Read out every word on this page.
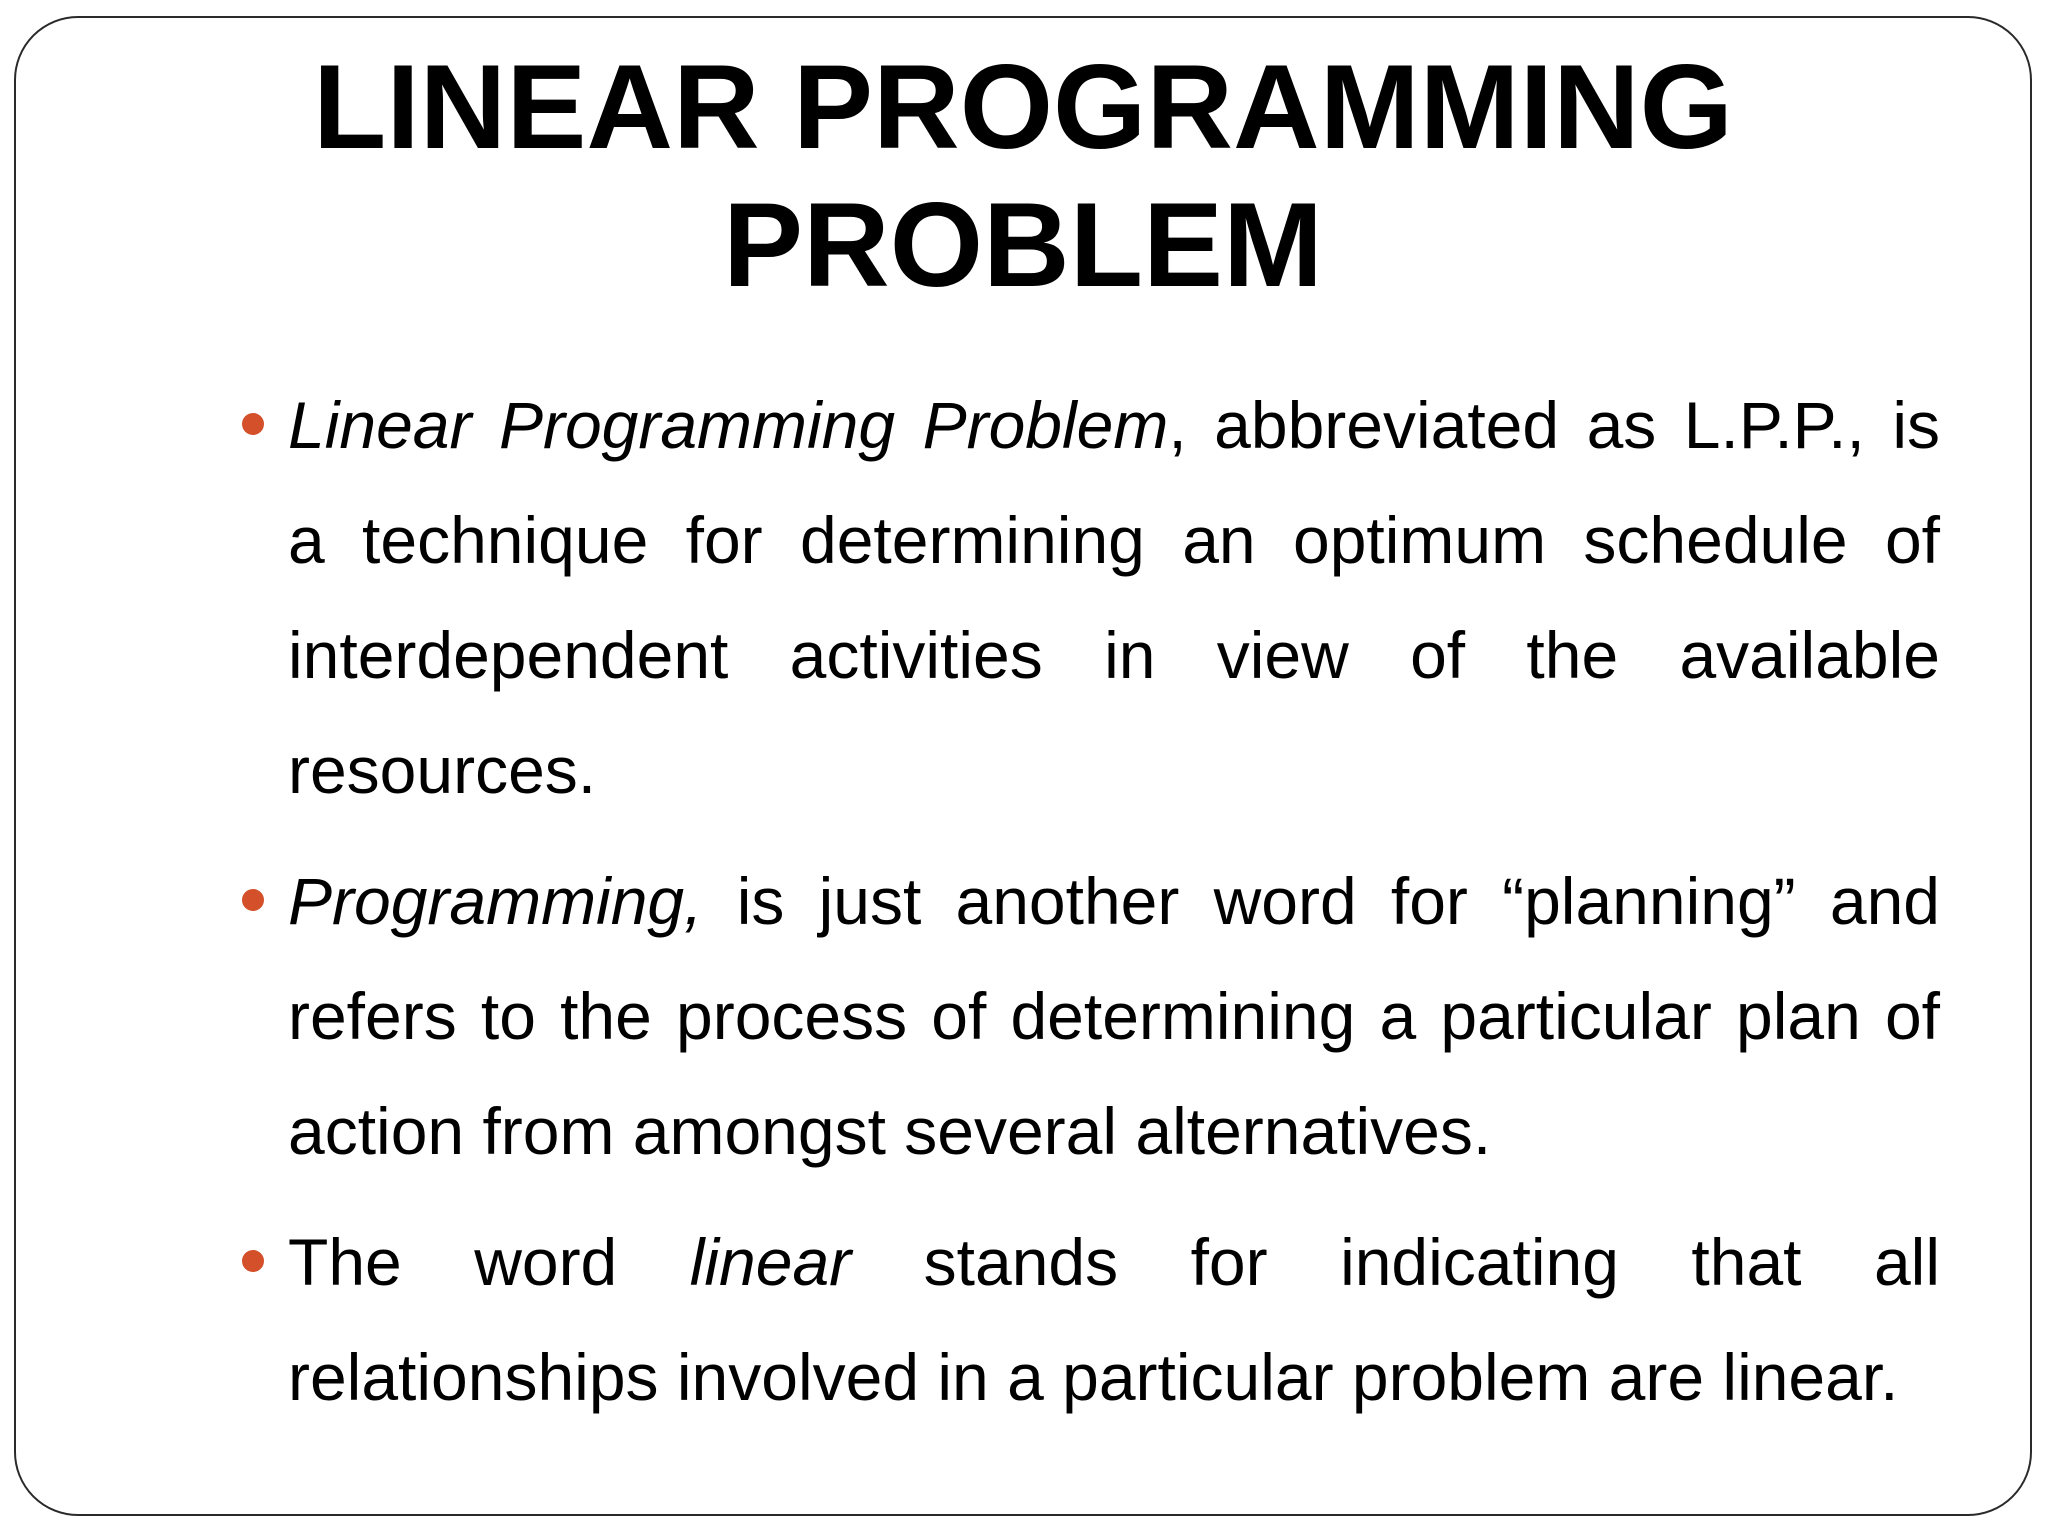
LINEAR PROGRAMMING
PROBLEM
Linear Programming Problem, abbreviated as L.P.P., is a technique for determining an optimum schedule of interdependent activities in view of the available resources.
Programming, is just another word for “planning” and refers to the process of determining a particular plan of action from amongst several alternatives.
The word linear stands for indicating that all relationships involved in a particular problem are linear.
